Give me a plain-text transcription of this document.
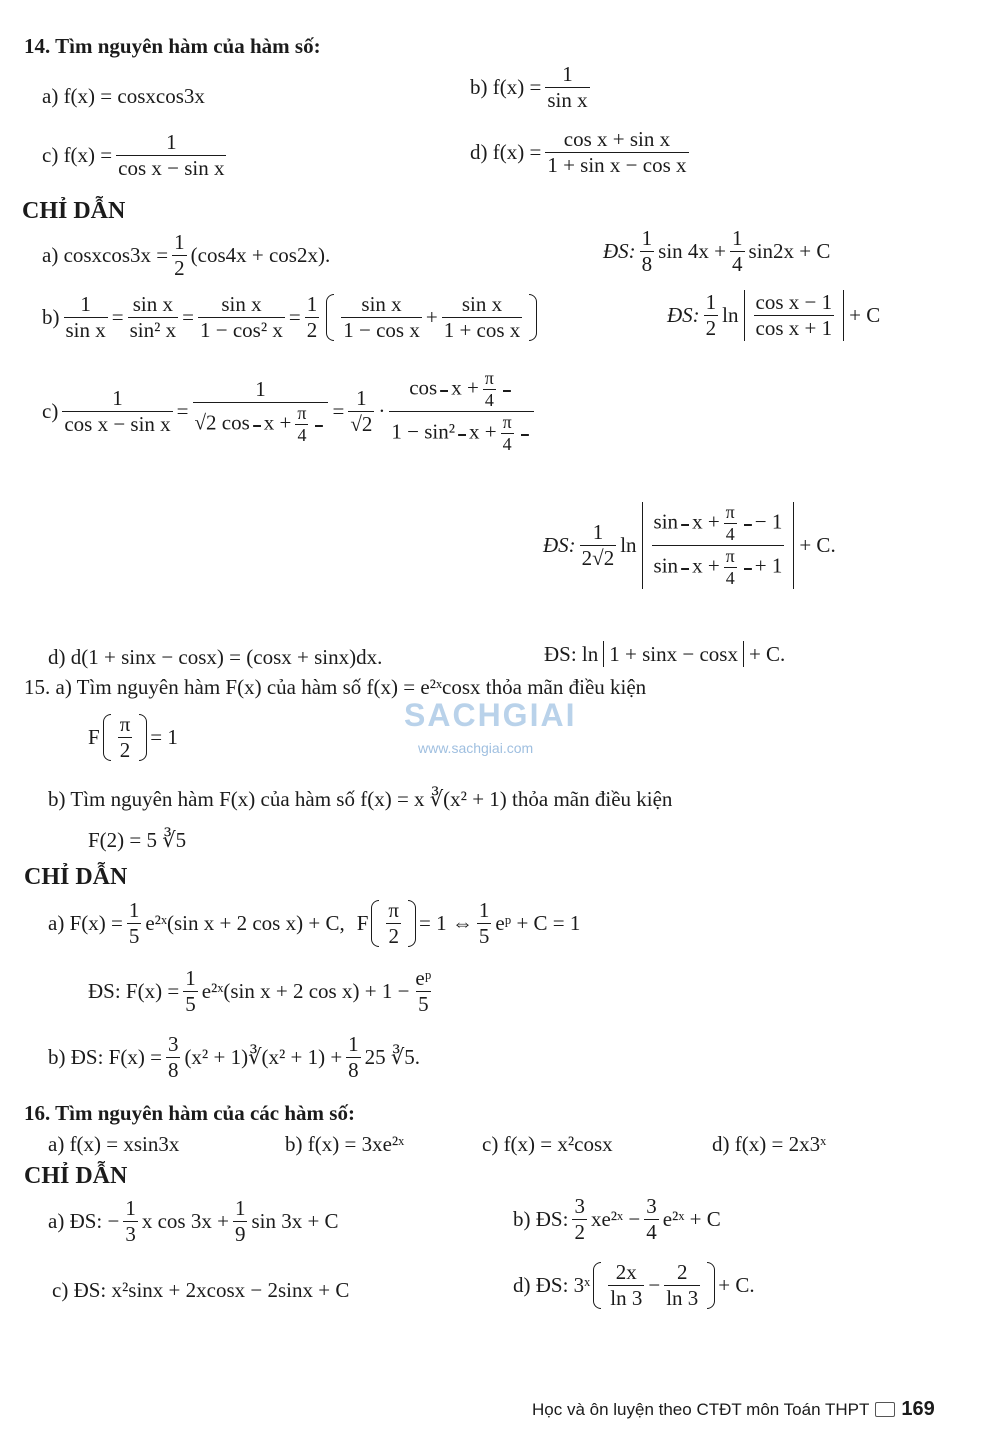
14. Tìm nguyên hàm của hàm số:
a) f(x) = cosxcos3x	b) $f(x) = \frac{1}{\text{sin x}}$
c) $f(x) = \frac{1}{\text{cos x − sin x}}$	d) $f(x) = \frac{\text{cos x + sin x}}{\text{1 + sin x − cos x}}$
CHỈ DẪN
a) cosxcos3x = $\frac{1}{2} (\cos 4x + \cos 2x)$.	ĐS:
1
8
$\sin 4x + \frac{1}{4} \sin 2x + C$
$b) \frac{1}{\text{sin x}} = \frac{\text{sin x}}{\text{sin² x}} = \frac{\text{sin x}}{\text{1 − cos² x}} = \frac{1}{2}$ sin x
1 − cos x
+ $\frac{\text{sin x}}{\text{1 + cos x}}$	ĐS:
1
2
ln
cos x − 1
cos x + 1
+ C
$c) \frac{1}{\text{cos x − sin x}} = \frac{1}{√2 \cos x + \frac{\pi}{4}} = \frac{1}{√2}$ ·
$\cos x + \frac{\pi}{4}$
1 − sin² $x + \frac{\pi}{4}$
ĐS:
1
2√2
ln
$\sin x + \frac{\pi}{4} - 1$
$\sin x + \frac{\pi}{4} + 1$
+ C.
d) d(1 + sinx − cosx) = (cosx + sinx)dx.	ĐS: ln 1 + sinx − cosx + C.
15. a) Tìm nguyên hàm F(x) của hàm số f(x) = e²ˣcosx thỏa mãn điều kiện
F
π
2
= 1
b) Tìm nguyên hàm F(x) của hàm số f(x) = x ∛(x² + 1) thỏa mãn điều kiện
F(2) = 5 ∛5
CHỈ DẪN
a) $F(x) = \frac{1}{5}$ e²ˣ(sin x + 2 cos x) + C, F
π
2
= 1 ⇔
1
5
eᵖ + C = 1
ĐS: $F(x) = \frac{1}{5}$ e²ˣ(sin x + 2 $\cos x) + 1 - \frac{\text{eᵖ}}{5}$
b) ĐS: $F(x) = \frac{3}{8} (x^2$ + 1)∛(x² + $1) + \frac{1}{8} 25$ ∛5.
16. Tìm nguyên hàm của các hàm số:
a) f(x) = xsin3x	b) f(x) = 3xe²ˣ	c) f(x) = x²cosx	d) f(x) = 2x3ˣ
CHỈ DẪN
a) ĐS: − $\frac{1}{3}$ x $\cos 3x + \frac{1}{9}$ sin 3x + C	b) ĐS:
3
2
xe²ˣ − $\frac{3}{4}$ e²ˣ + C
c) ĐS: x²sinx + 2xcosx − 2sinx + C	d) ĐS: 3ˣ
2x
ln 3
− $\frac{2}{\ln 3} + C$.
SACHGIAI
www.sachgiai.com
Học và ôn luyện theo CTĐT môn Toán THPT 169
